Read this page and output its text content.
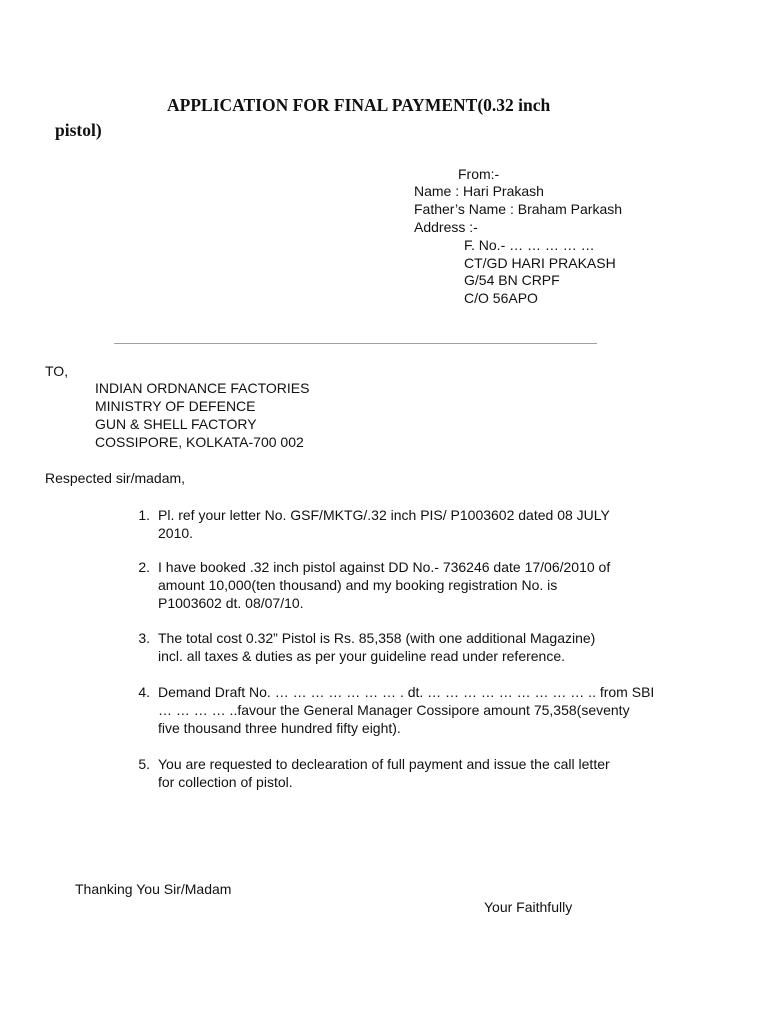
APPLICATION FOR FINAL PAYMENT(0.32 inch
pistol)
From:-
Name : Hari Prakash
Father’s Name : Braham Parkash
Address :-
F. No.- … … … … …
CT/GD HARI PRAKASH
G/54 BN CRPF
C/O 56APO
TO,
INDIAN ORDNANCE FACTORIES
MINISTRY OF DEFENCE
GUN & SHELL FACTORY
COSSIPORE, KOLKATA-700 002
Respected sir/madam,
1. Pl. ref your letter No. GSF/MKTG/.32 inch PIS/ P1003602 dated 08 JULY
2010.
2. I have booked .32 inch pistol against DD No.- 736246 date 17/06/2010 of
amount 10,000(ten thousand) and my booking registration No. is
P1003602 dt. 08/07/10.
3. The total cost 0.32” Pistol is Rs. 85,358 (with one additional Magazine)
incl. all taxes & duties as per your guideline read under reference.
4. Demand Draft No. … … … … … … … . dt. … … … … … … … … … .. from SBI
… … … … ..favour the General Manager Cossipore amount 75,358(seventy
five thousand three hundred fifty eight).
5. You are requested to declearation of full payment and issue the call letter
for collection of pistol.
Thanking You Sir/Madam
Your Faithfully
